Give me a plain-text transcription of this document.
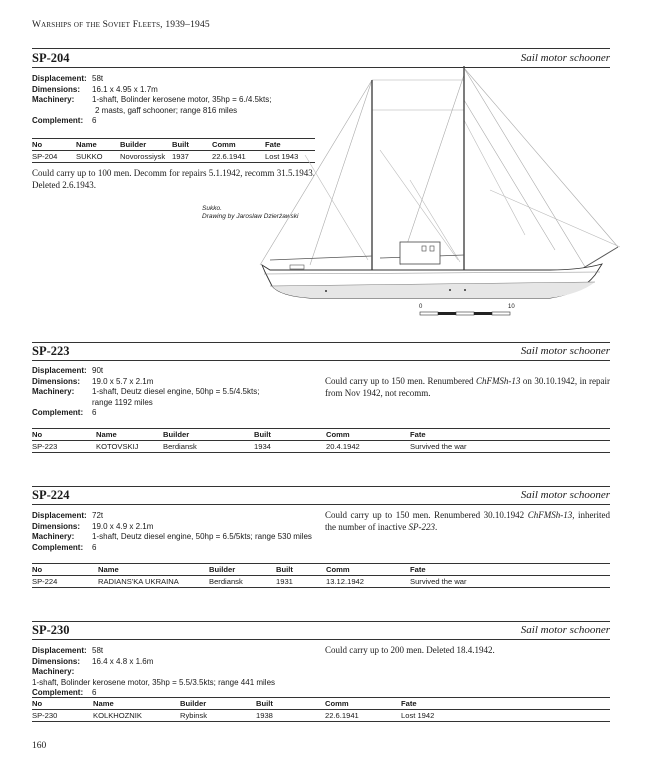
Warships of the Soviet Fleets, 1939–1945
SP-204	Sail motor schooner
Displacement: 58t
Dimensions: 16.1 x 4.95 x 1.7m
Machinery: 1-shaft, Bolinder kerosene motor, 35hp = 6./4.5kts;
2 masts, gaff schooner; range 816 miles
Complement: 6
No	Name	Builder	Built	Comm	Fate
SP-204	SUKKO	Novorossiysk	1937	22.6.1941	Lost 1943
Could carry up to 100 men. Decomm for repairs 5.1.1942, recomm 31.5.1943. Deleted 2.6.1943.
Sukko.
Drawing by Jaroslaw Dzierżawski
0	10
SP-223	Sail motor schooner
Displacement: 90t
Dimensions: 19.0 x 5.7 x 2.1m
Machinery: 1-shaft, Deutz diesel engine, 50hp = 5.5/4.5kts;
range 1192 miles
Complement: 6
Could carry up to 150 men. Renumbered ChFMSh-13 on 30.10.1942, in repair from Nov 1942, not recomm.
No	Name	Builder	Built	Comm	Fate
SP-223	KOTOVSKIJ	Berdiansk	1934	20.4.1942	Survived the war
SP-224	Sail motor schooner
Displacement: 72t
Dimensions: 19.0 x 4.9 x 2.1m
Machinery: 1-shaft, Deutz diesel engine, 50hp = 6.5/5kts; range 530 miles
Complement: 6
Could carry up to 150 men. Renumbered 30.10.1942 ChFMSh-13, inherited the number of inactive SP-223.
No	Name	Builder	Built	Comm	Fate
SP-224	RADIANS'KA UKRAINA	Berdiansk	1931	13.12.1942	Survived the war
SP-230	Sail motor schooner
Displacement: 58t
Dimensions: 16.4 x 4.8 x 1.6m
Machinery:1-shaft, Bolinder kerosene motor, 35hp = 5.5/3.5kts; range 441 miles
Complement: 6
Could carry up to 200 men. Deleted 18.4.1942.
No	Name	Builder	Built	Comm	Fate
SP-230	KOLKHOZNIK	Rybinsk	1938	22.6.1941	Lost 1942
160
